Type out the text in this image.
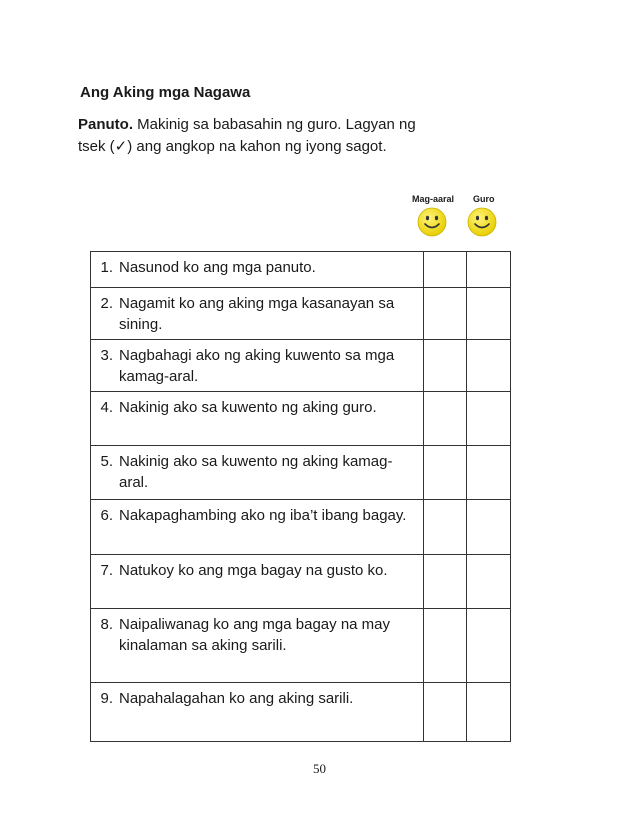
Ang Aking mga Nagawa
Panuto. Makinig sa babasahin ng guro. Lagyan ng
tsek (✓) ang angkop na kahon ng iyong sagot.
Mag-aaral Guro
1. Nasunod ko ang mga panuto.		

2. Nagamit ko ang aking mga kasanayan sa sining.		

3. Nagbahagi ako ng aking kuwento sa mga kamag-aral.		

4. Nakinig ako sa kuwento ng aking guro.		

5. Nakinig ako sa kuwento ng aking kamag-aral.		

6. Nakapaghambing ako ng iba’t ibang bagay.		

7. Natukoy ko ang mga bagay na gusto ko.		

8. Naipaliwanag ko ang mga bagay na may kinalaman sa aking sarili.		

9. Napahalagahan ko ang aking sarili.		

50
